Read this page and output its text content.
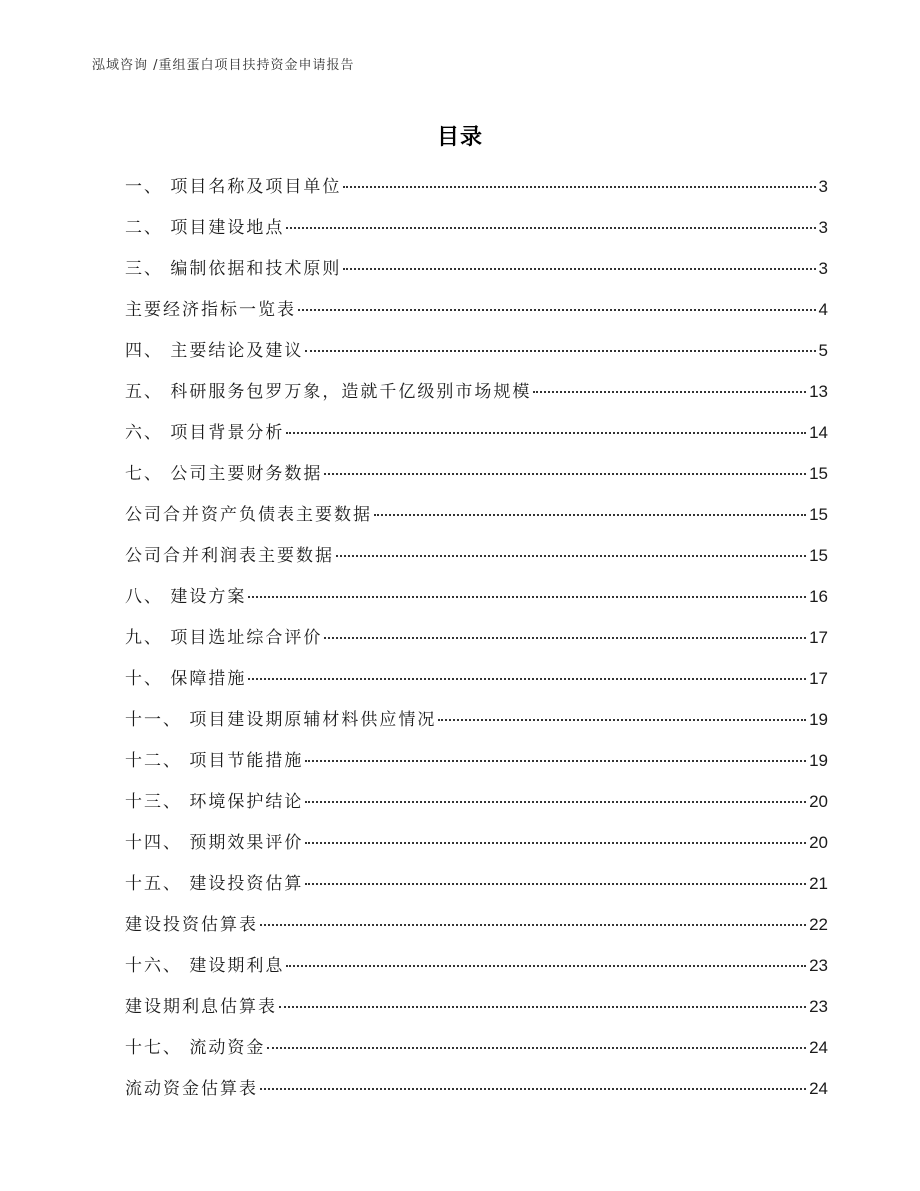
泓域咨询 /重组蛋白项目扶持资金申请报告
目录
一、 项目名称及项目单位	3
二、 项目建设地点	3
三、 编制依据和技术原则	3
主要经济指标一览表	4
四、 主要结论及建议	5
五、 科研服务包罗万象，造就千亿级别市场规模	13
六、 项目背景分析	14
七、 公司主要财务数据	15
公司合并资产负债表主要数据	15
公司合并利润表主要数据	15
八、 建设方案	16
九、 项目选址综合评价	17
十、 保障措施	17
十一、 项目建设期原辅材料供应情况	19
十二、 项目节能措施	19
十三、 环境保护结论	20
十四、 预期效果评价	20
十五、 建设投资估算	21
建设投资估算表	22
十六、 建设期利息	23
建设期利息估算表	23
十七、 流动资金	24
流动资金估算表	24
